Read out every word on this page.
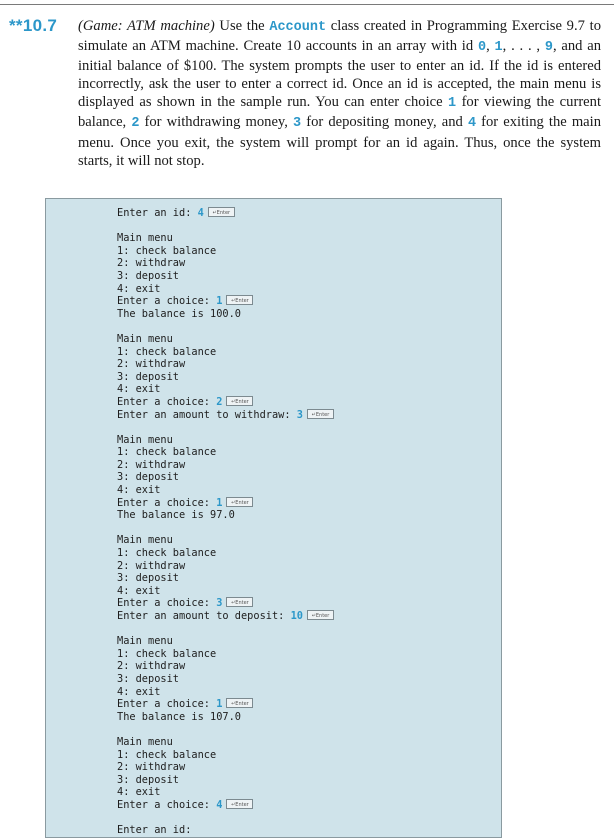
**10.7 (Game: ATM machine) Use the Account class created in Programming Exercise 9.7 to simulate an ATM machine. Create 10 accounts in an array with id 0, 1, . . . , 9, and an initial balance of $100. The system prompts the user to enter an id. If the id is entered incorrectly, ask the user to enter a correct id. Once an id is accepted, the main menu is displayed as shown in the sample run. You can enter choice 1 for viewing the current balance, 2 for withdrawing money, 3 for depositing money, and 4 for exiting the main menu. Once you exit, the system will prompt for an id again. Thus, once the system starts, it will not stop.
Enter an id: 4 ↵Enter
Main menu
1: check balance
2: withdraw
3: deposit
4: exit
Enter a choice: 1 ↵Enter
The balance is 100.0
Main menu
1: check balance
2: withdraw
3: deposit
4: exit
Enter a choice: 2 ↵Enter
Enter an amount to withdraw: 3 ↵Enter
Main menu
1: check balance
2: withdraw
3: deposit
4: exit
Enter a choice: 1 ↵Enter
The balance is 97.0
Main menu
1: check balance
2: withdraw
3: deposit
4: exit
Enter a choice: 3 ↵Enter
Enter an amount to deposit: 10 ↵Enter
Main menu
1: check balance
2: withdraw
3: deposit
4: exit
Enter a choice: 1 ↵Enter
The balance is 107.0
Main menu
1: check balance
2: withdraw
3: deposit
4: exit
Enter a choice: 4 ↵Enter
Enter an id:
